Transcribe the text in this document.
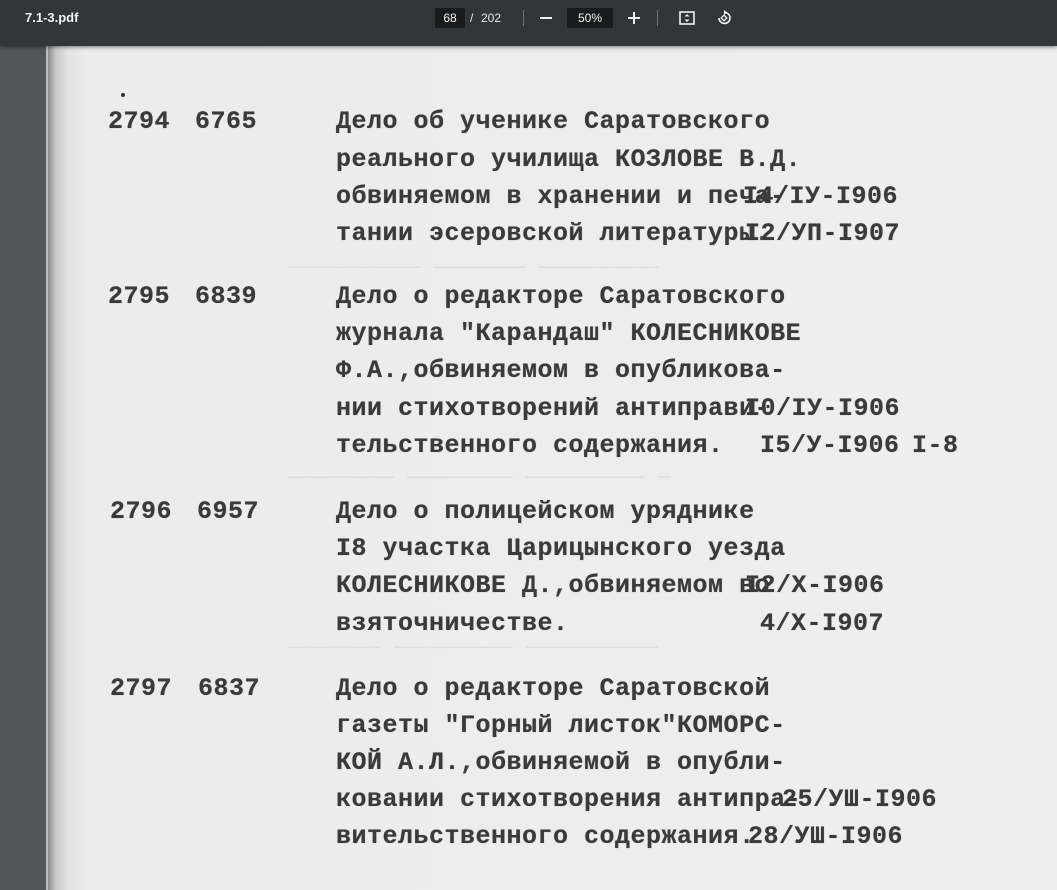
7.1-3.pdf	68	/ 202	50%
────────── ─────── ─────────
──────── ──────── ───────── ─
─────── ───────── ──────────
2794 6765	Дело об ученике Саратовского
реального училища КОЗЛОВЕ В.Д.
обвиняемом в хранении и печа-
тании эсеровской литературы.
I4/IУ-I906
I2/УП-I907
2795 6839	Дело о редакторе Саратовского
журнала "Карандаш" КОЛЕСНИКОВЕ
Ф.А.,обвиняемом в опубликова-
нии стихотворений антиправи-
тельственного содержания.
I0/IУ-I906
I5/У-I906 I-8
2796 6957	Дело о полицейском уряднике
I8 участка Царицынского уезда
КОЛЕСНИКОВЕ Д.,обвиняемом во
взяточничестве.
I2/X-I906
4/X-I907
2797 6837	Дело о редакторе Саратовской
газеты "Горный листок"КОМОРС-
КОЙ А.Л.,обвиняемой в опубли-
ковании стихотворения антипра-
вительственного содержания.
25/УШ-I906
28/УШ-I906
